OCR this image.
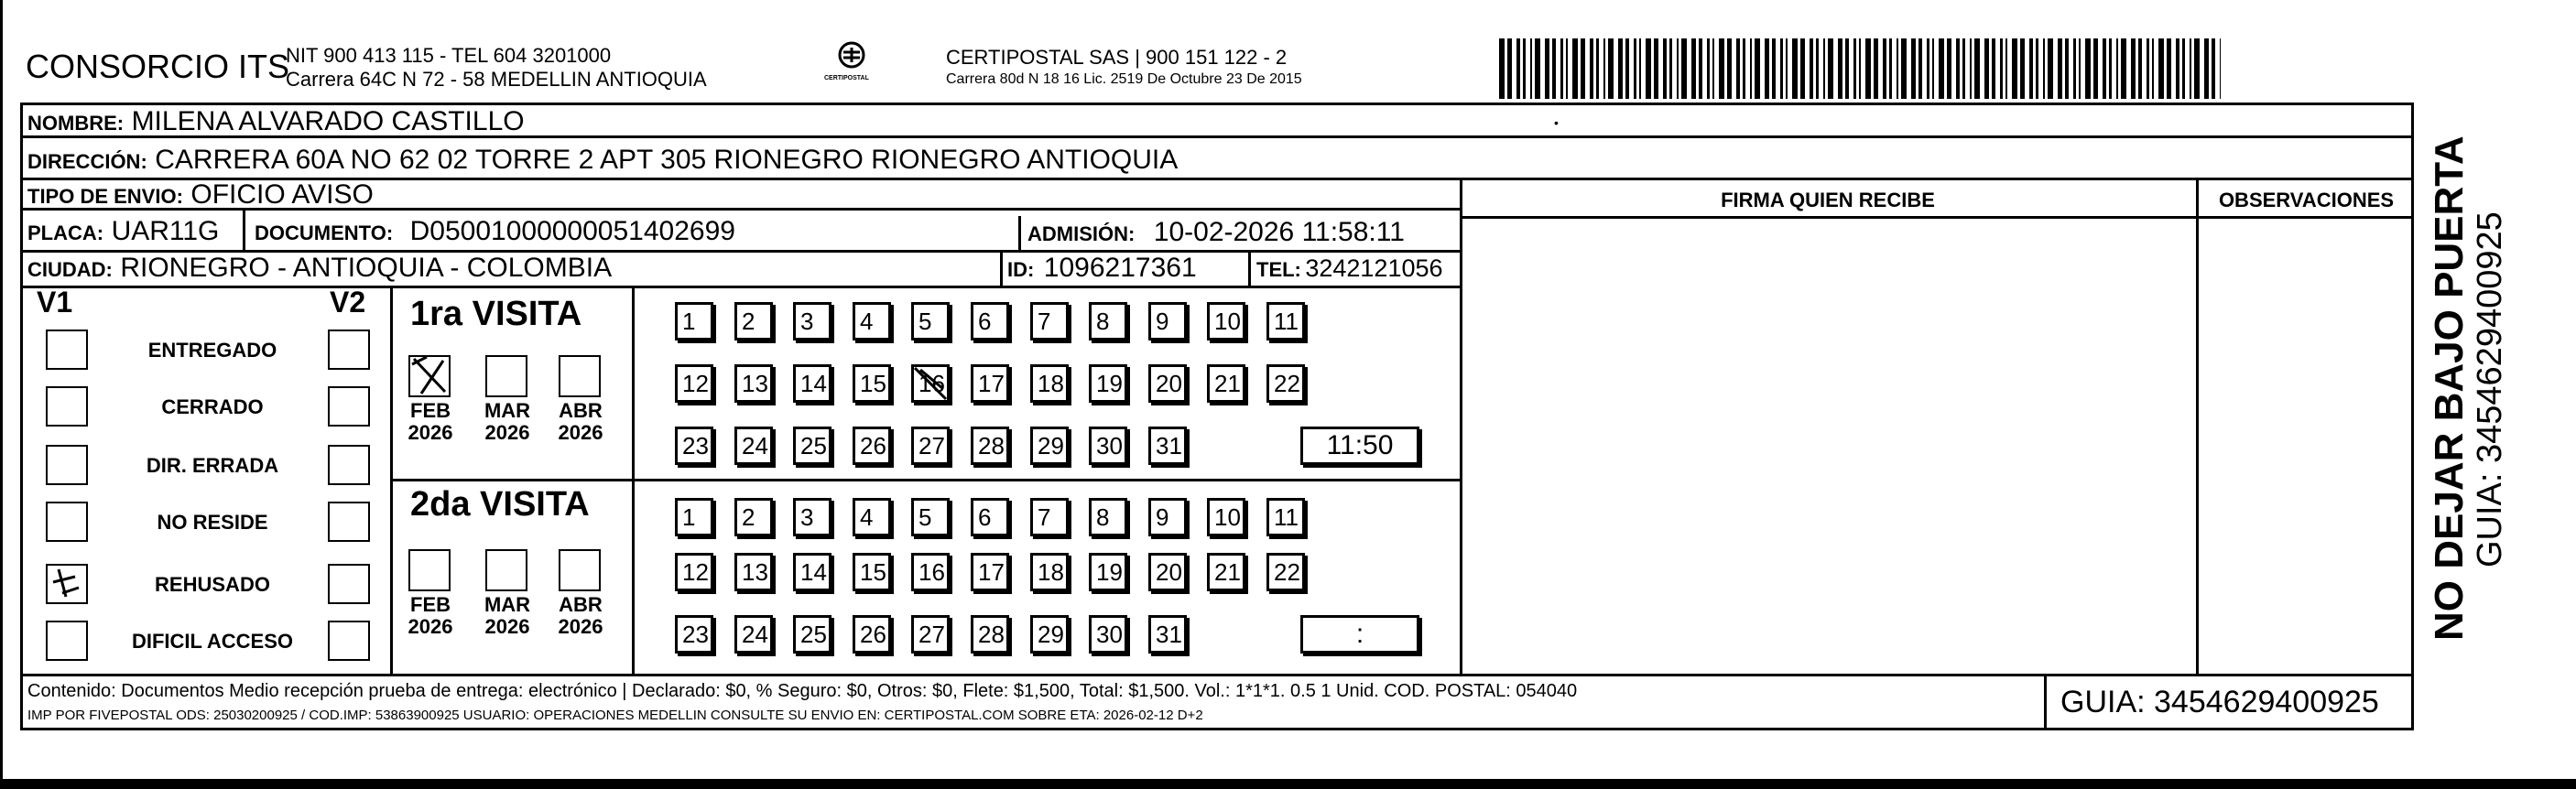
CONSORCIO ITS
NIT 900 413 115 - TEL 604 3201000
Carrera 64C N 72 - 58 MEDELLIN ANTIOQUIA	CERTIPOSTAL
CERTIPOSTAL SAS | 900 151 122 - 2
Carrera 80d N 18 16 Lic. 2519 De Octubre 23 De 2015
NOMBRE: MILENA ALVARADO CASTILLO	•
DIRECCIÓN: CARRERA 60A NO 62 02 TORRE 2 APT 305 RIONEGRO RIONEGRO ANTIOQUIA
TIPO DE ENVIO: OFICIO AVISO
PLACA: UAR11G DOCUMENTO: D05001000000051402699	ADMISIÓN: 10-02-2026 11:58:11
CIUDAD: RIONEGRO - ANTIOQUIA - COLOMBIA	ID: 1096217361	TEL: 3242121056
FIRMA QUIEN RECIBE	OBSERVACIONES
V1	V2 1ra VISITA
2da VISITA
Contenido: Documentos Medio recepción prueba de entrega: electrónico | Declarado: $0, % Seguro: $0, Otros: $0, Flete: $1,500, Total: $1,500. Vol.: 1*1*1. 0.5 1 Unid. COD. POSTAL: 054040
IMP POR FIVEPOSTAL ODS: 25030200925 / COD.IMP: 53863900925 USUARIO: OPERACIONES MEDELLIN CONSULTE SU ENVIO EN: CERTIPOSTAL.COM SOBRE ETA: 2026-02-12 D+2	GUIA: 3454629400925
NO DEJAR BAJO PUERTA GUIA: 3454629400925
ENTREGADO
CERRADO
DIR. ERRADA
NO RESIDE
REHUSADO
DIFICIL ACCESO
FEB
2026
MAR
2026
ABR
2026
FEB
2026
MAR
2026
ABR
2026
1	2	3	4	5	6	7	8	9	10	11
12	13	14	15	16	17	18	19	20	21	22
23	24	25	26	27	28	29	30	31	11:50
1	2	3	4	5	6	7	8	9	10	11
12	13	14	15	16	17	18	19	20	21	22
23	24	25	26	27	28	29	30	31	:
